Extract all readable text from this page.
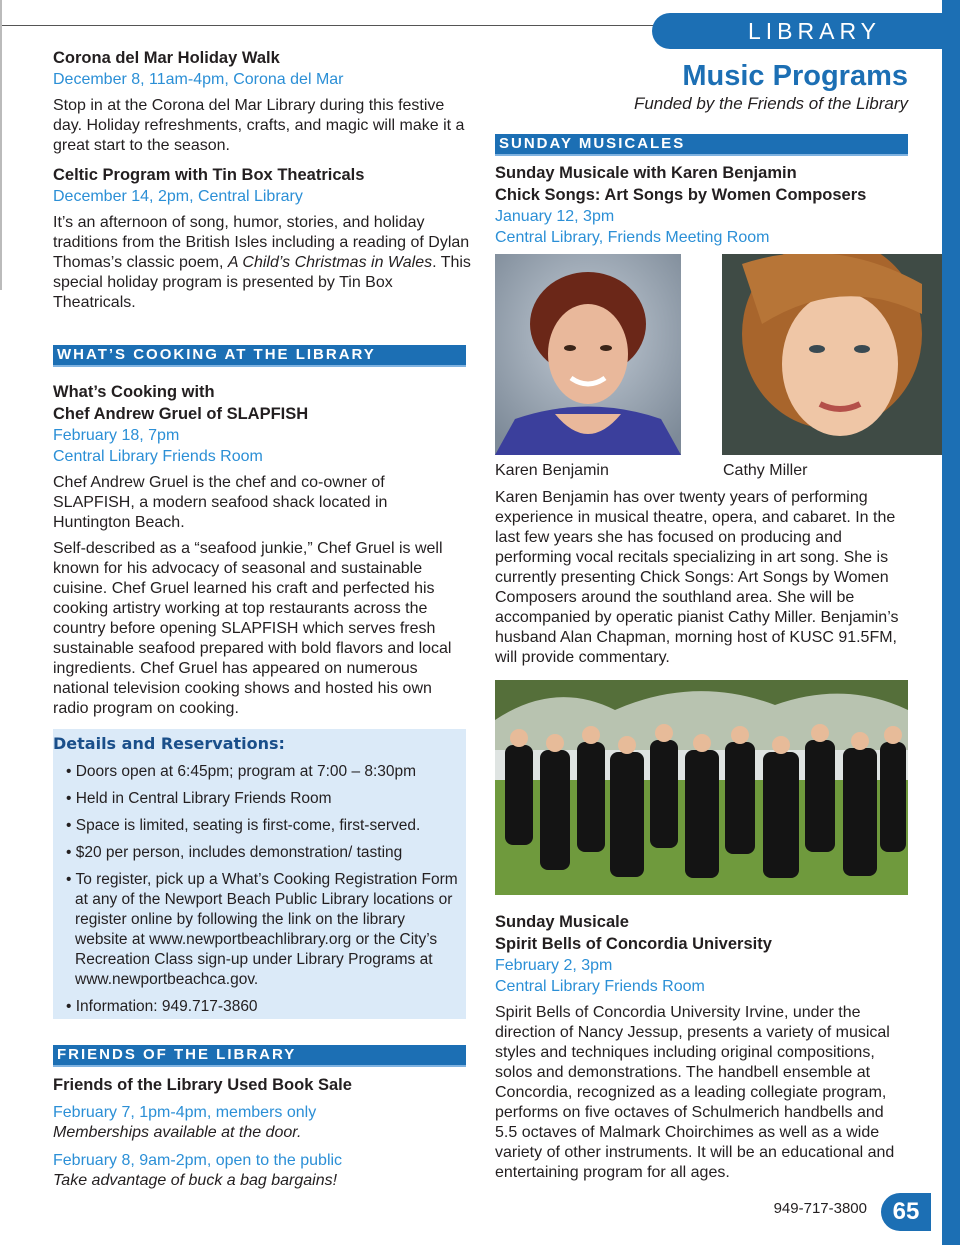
LIBRARY
Music Programs
Funded by the Friends of the Library
Corona del Mar Holiday Walk
December 8, 11am-4pm, Corona del Mar
Stop in at the Corona del Mar Library during this festive day. Holiday refreshments, crafts, and magic will make it a great start to the season.
Celtic Program with Tin Box Theatricals
December 14, 2pm, Central Library
It’s an afternoon of song, humor, stories, and holiday traditions from the British Isles including a reading of Dylan Thomas’s classic poem, A Child’s Christmas in Wales. This special holiday program is presented by Tin Box Theatricals.
WHAT’S COOKING AT THE LIBRARY
What’s Cooking with
Chef Andrew Gruel of SLAPFISH
February 18, 7pm
Central Library Friends Room
Chef Andrew Gruel is the chef and co-owner of SLAPFISH, a modern seafood shack located in Huntington Beach.
Self-described as a “seafood junkie,” Chef Gruel is well known for his advocacy of seasonal and sustainable cuisine. Chef Gruel learned his craft and perfected his cooking artistry working at top restaurants across the country before opening SLAPFISH which serves fresh sustainable seafood prepared with bold flavors and local ingredients. Chef Gruel has appeared on numerous national television cooking shows and hosted his own radio program on cooking.
Details and Reservations:
• Doors open at 6:45pm; program at 7:00 – 8:30pm
• Held in Central Library Friends Room
• Space is limited, seating is first-come, first-served.
• $20 per person, includes demonstration/ tasting
• To register, pick up a What’s Cooking Registration Form at any of the Newport Beach Public Library locations or register online by following the link on the library website at www.newportbeachlibrary.org or the City’s Recreation Class sign-up under Library Programs at www.newportbeachca.gov.
• Information: 949.717-3860
FRIENDS OF THE LIBRARY
Friends of the Library Used Book Sale
February 7, 1pm-4pm, members only
Memberships available at the door.
February 8, 9am-2pm, open to the public
Take advantage of buck a bag bargains!
SUNDAY MUSICALES
Sunday Musicale with Karen Benjamin
Chick Songs: Art Songs by Women Composers
January 12, 3pm
Central Library, Friends Meeting Room
Karen Benjamin	Cathy Miller
Karen Benjamin has over twenty years of performing experience in musical theatre, opera, and cabaret. In the last few years she has focused on producing and performing vocal recitals specializing in art song. She is currently presenting Chick Songs: Art Songs by Women Composers around the southland area. She will be accompanied by operatic pianist Cathy Miller. Benjamin’s husband Alan Chapman, morning host of KUSC 91.5FM, will provide commentary.
Sunday Musicale
Spirit Bells of Concordia University
February 2, 3pm
Central Library Friends Room
Spirit Bells of Concordia University Irvine, under the direction of Nancy Jessup, presents a variety of musical styles and techniques including original compositions, solos and demonstrations. The handbell ensemble at Concordia, recognized as a leading collegiate program, performs on five octaves of Schulmerich handbells and 5.5 octaves of Malmark Choirchimes as well as a wide variety of other instruments. It will be an educational and entertaining program for all ages.
949-717-3800	65
